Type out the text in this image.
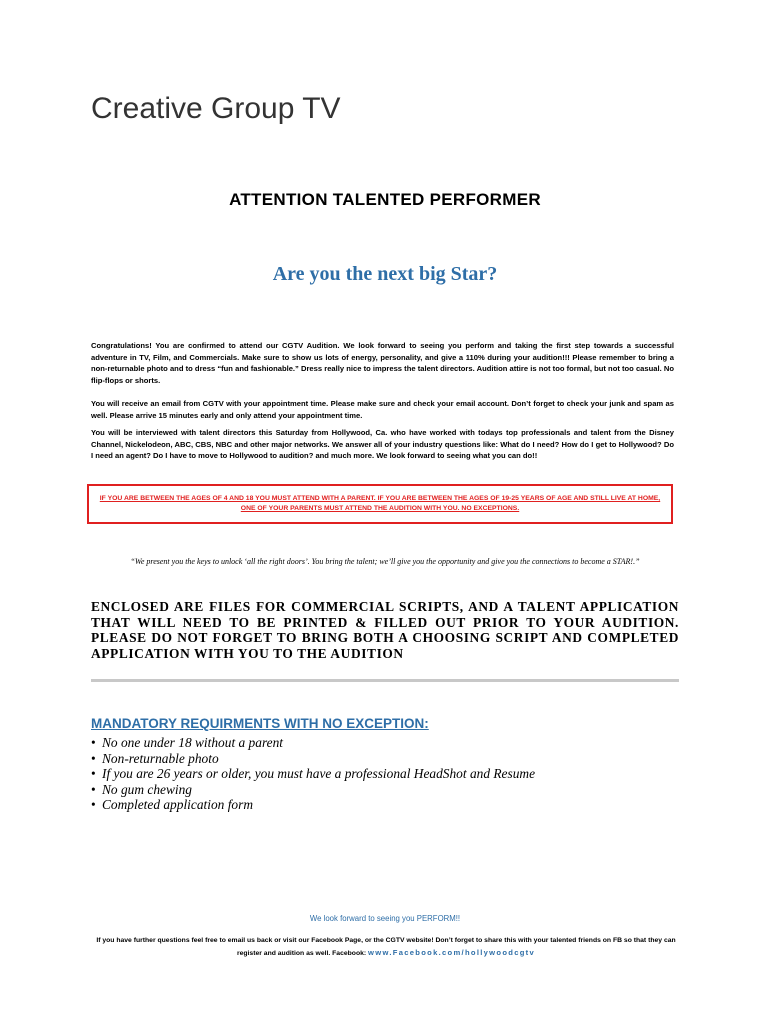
Creative Group TV
ATTENTION TALENTED PERFORMER
Are you the next big Star?

Congratulations! You are confirmed to attend our CGTV Audition. We look forward to seeing you perform and taking the first step towards a successful adventure in TV, Film, and Commercials. Make sure to show us lots of energy, personality, and give a 110% during your audition!!! Please remember to bring a non-returnable photo and to dress “fun and fashionable.” Dress really nice to impress the talent directors. Audition attire is not too formal, but not too casual. No flip-flops or shorts.

You will receive an email from CGTV with your appointment time. Please make sure and check your email account. Don’t forget to check your junk and spam as well. Please arrive 15 minutes early and only attend your appointment time.

You will be interviewed with talent directors this Saturday from Hollywood, Ca. who have worked with todays top professionals and talent from the Disney Channel, Nickelodeon, ABC, CBS, NBC and other major networks. We answer all of your industry questions like: What do I need? How do I get to Hollywood? Do I need an agent? Do I have to move to Hollywood to audition? and much more. We look forward to seeing what you can do!!

IF YOU ARE BETWEEN THE AGES OF 4 AND 18 YOU MUST ATTEND WITH A PARENT. IF YOU ARE BETWEEN THE AGES OF 19-25 YEARS OF AGE AND STILL LIVE AT HOME, ONE OF YOUR PARENTS MUST ATTEND THE AUDITION WITH YOU. NO EXCEPTIONS.

“We present you the keys to unlock ‘all the right doors’. You bring the talent; we’ll give you the opportunity and give you the connections to become a STAR!.”

ENCLOSED ARE FILES FOR COMMERCIAL SCRIPTS, AND A TALENT APPLICATION THAT WILL NEED TO BE PRINTED & FILLED OUT PRIOR TO YOUR AUDITION. PLEASE DO NOT FORGET TO BRING BOTH A CHOOSING SCRIPT AND COMPLETED APPLICATION WITH YOU TO THE AUDITION

MANDATORY REQUIRMENTS WITH NO EXCEPTION:
• No one under 18 without a parent
• Non-returnable photo
• If you are 26 years or older, you must have a professional HeadShot and Resume
• No gum chewing
• Completed application form

We look forward to seeing you PERFORM!!

If you have further questions feel free to email us back or visit our Facebook Page, or the CGTV website! Don’t forget to share this with your talented friends on FB so that they can register and audition as well. Facebook: www.Facebook.com/hollywoodcgtv
